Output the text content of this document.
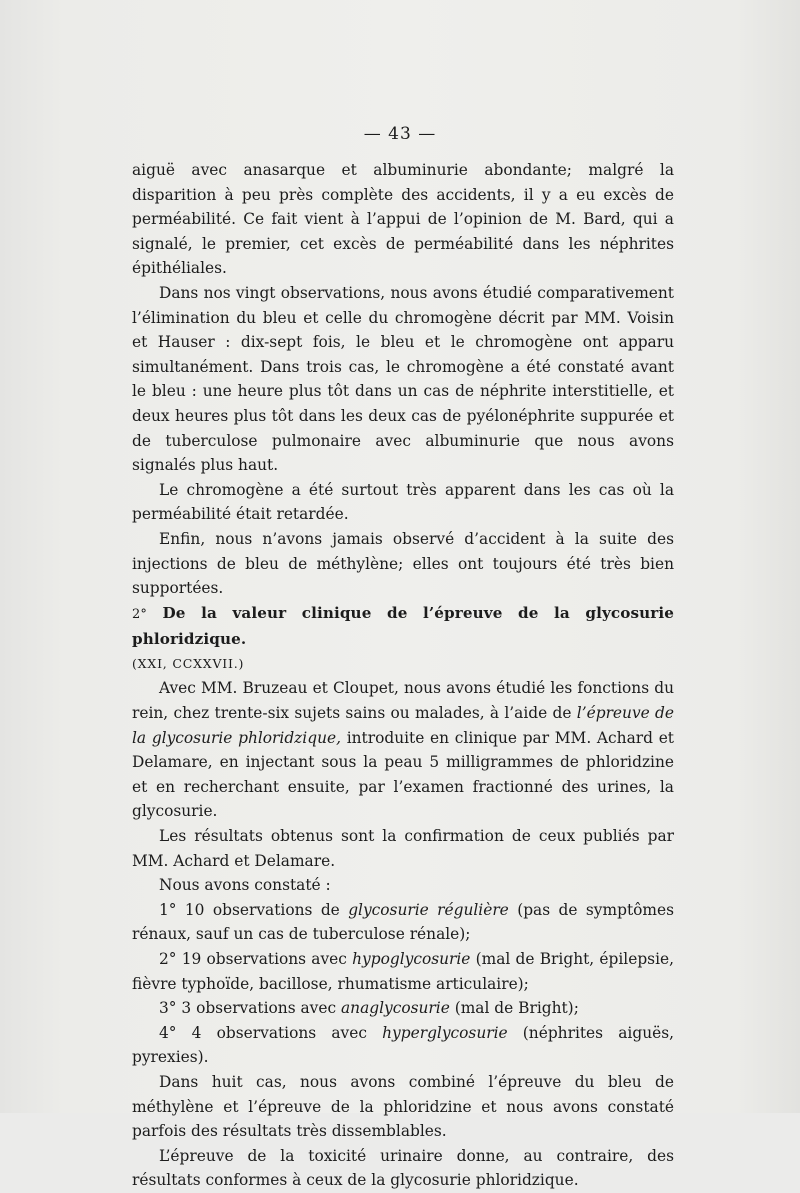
— 43 —

aiguë avec anasarque et albuminurie abondante; malgré la disparition à peu près complète des accidents, il y a eu excès de perméabilité. Ce fait vient à l’appui de l’opinion de M. Bard, qui a signalé, le premier, cet excès de perméabilité dans les néphrites épithéliales.

Dans nos vingt observations, nous avons étudié comparativement l’élimination du bleu et celle du chromogène décrit par MM. Voisin et Hauser : dix-sept fois, le bleu et le chromogène ont apparu simultanément. Dans trois cas, le chromogène a été constaté avant le bleu : une heure plus tôt dans un cas de néphrite interstitielle, et deux heures plus tôt dans les deux cas de pyélonéphrite suppurée et de tuberculose pulmonaire avec albuminurie que nous avons signalés plus haut.

Le chromogène a été surtout très apparent dans les cas où la perméabilité était retardée.

Enfin, nous n’avons jamais observé d’accident à la suite des injections de bleu de méthylène; elles ont toujours été très bien supportées.

2° De la valeur clinique de l’épreuve de la glycosurie phloridzique.

(XXI, CCXXVII.)

Avec MM. Bruzeau et Cloupet, nous avons étudié les fonctions du rein, chez trente-six sujets sains ou malades, à l’aide de l’épreuve de la glycosurie phloridzique, introduite en clinique par MM. Achard et Delamare, en injectant sous la peau 5 milligrammes de phloridzine et en recherchant ensuite, par l’examen fractionné des urines, la glycosurie.

Les résultats obtenus sont la confirmation de ceux publiés par MM. Achard et Delamare.

Nous avons constaté :

1° 10 observations de glycosurie régulière (pas de symptômes rénaux, sauf un cas de tuberculose rénale);

2° 19 observations avec hypoglycosurie (mal de Bright, épilepsie, fièvre typhoïde, bacillose, rhumatisme articulaire);

3° 3 observations avec anaglycosurie (mal de Bright);

4° 4 observations avec hyperglycosurie (néphrites aiguës, pyrexies).

Dans huit cas, nous avons combiné l’épreuve du bleu de méthylène et l’épreuve de la phloridzine et nous avons constaté parfois des résultats très dissemblables.

L’épreuve de la toxicité urinaire donne, au contraire, des résultats conformes à ceux de la glycosurie phloridzique.
